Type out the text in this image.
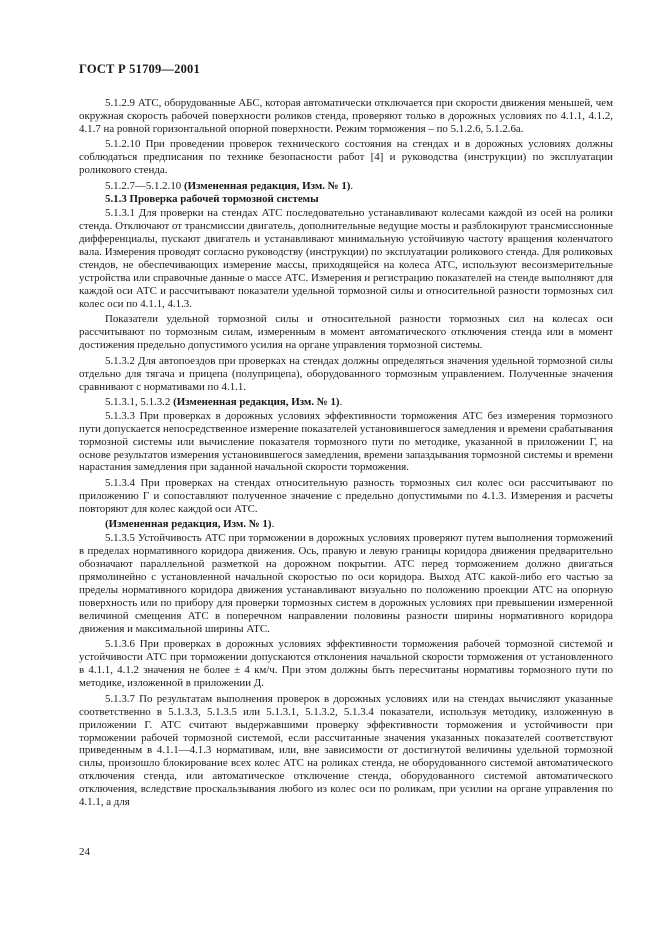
ГОСТ Р 51709—2001

5.1.2.9 АТС, оборудованные АБС, которая автоматически отключается при скорости движения меньшей, чем окружная скорость рабочей поверхности роликов стенда, проверяют только в дорожных условиях по 4.1.1, 4.1.2, 4.1.7 на ровной горизонтальной опорной поверхности. Режим торможения – по 5.1.2.6, 5.1.2.6а.

5.1.2.10 При проведении проверок технического состояния на стендах и в дорожных условиях должны соблюдаться предписания по технике безопасности работ [4] и руководства (инструкции) по эксплуатации роликового стенда.

5.1.2.7—5.1.2.10 (Измененная редакция, Изм. № 1).

5.1.3 Проверка рабочей тормозной системы

5.1.3.1 Для проверки на стендах АТС последовательно устанавливают колесами каждой из осей на ролики стенда. Отключают от трансмиссии двигатель, дополнительные ведущие мосты и разблокируют трансмиссионные дифференциалы, пускают двигатель и устанавливают минимальную устойчивую частоту вращения коленчатого вала. Измерения проводят согласно руководству (инструкции) по эксплуатации роликового стенда. Для роликовых стендов, не обеспечивающих измерение массы, приходящейся на колеса АТС, используют весоизмерительные устройства или справочные данные о массе АТС. Измерения и регистрацию показателей на стенде выполняют для каждой оси АТС и рассчитывают показатели удельной тормозной силы и относительной разности тормозных сил колес оси по 4.1.1, 4.1.3.

Показатели удельной тормозной силы и относительной разности тормозных сил на колесах оси рассчитывают по тормозным силам, измеренным в момент автоматического отключения стенда или в момент достижения предельно допустимого усилия на органе управления тормозной системы.

5.1.3.2 Для автопоездов при проверках на стендах должны определяться значения удельной тормозной силы отдельно для тягача и прицепа (полуприцепа), оборудованного тормозным управлением. Полученные значения сравнивают с нормативами по 4.1.1.

5.1.3.1, 5.1.3.2 (Измененная редакция, Изм. № 1).

5.1.3.3 При проверках в дорожных условиях эффективности торможения АТС без измерения тормозного пути допускается непосредственное измерение показателей установившегося замедления и времени срабатывания тормозной системы или вычисление показателя тормозного пути по методике, указанной в приложении Г, на основе результатов измерения установившегося замедления, времени запаздывания тормозной системы и времени нарастания замедления при заданной начальной скорости торможения.

5.1.3.4 При проверках на стендах относительную разность тормозных сил колес оси рассчитывают по приложению Г и сопоставляют полученное значение с предельно допустимыми по 4.1.3. Измерения и расчеты повторяют для колес каждой оси АТС.

(Измененная редакция, Изм. № 1).

5.1.3.5 Устойчивость АТС при торможении в дорожных условиях проверяют путем выполнения торможений в пределах нормативного коридора движения. Ось, правую и левую границы коридора движения предварительно обозначают параллельной разметкой на дорожном покрытии. АТС перед торможением должно двигаться прямолинейно с установленной начальной скоростью по оси коридора. Выход АТС какой-либо его частью за пределы нормативного коридора движения устанавливают визуально по положению проекции АТС на опорную поверхность или по прибору для проверки тормозных систем в дорожных условиях при превышении измеренной величиной смещения АТС в поперечном направлении половины разности ширины нормативного коридора движения и максимальной ширины АТС.

5.1.3.6 При проверках в дорожных условиях эффективности торможения рабочей тормозной системой и устойчивости АТС при торможении допускаются отклонения начальной скорости торможения от установленного в 4.1.1, 4.1.2 значения не более ± 4 км/ч. При этом должны быть пересчитаны нормативы тормозного пути по методике, изложенной в приложении Д.

5.1.3.7 По результатам выполнения проверок в дорожных условиях или на стендах вычисляют указанные соответственно в 5.1.3.3, 5.1.3.5 или 5.1.3.1, 5.1.3.2, 5.1.3.4 показатели, используя методику, изложенную в приложении Г. АТС считают выдержавшими проверку эффективности торможения и устойчивости при торможении рабочей тормозной системой, если рассчитанные значения указанных показателей соответствуют приведенным в 4.1.1—4.1.3 нормативам, или, вне зависимости от достигнутой величины удельной тормозной силы, произошло блокирование всех колес АТС на роликах стенда, не оборудованного системой автоматического отключения стенда, или автоматическое отключение стенда, оборудованного системой автоматического отключения, вследствие проскальзывания любого из колес оси по роликам, при усилии на органе управления по 4.1.1, а для

24
